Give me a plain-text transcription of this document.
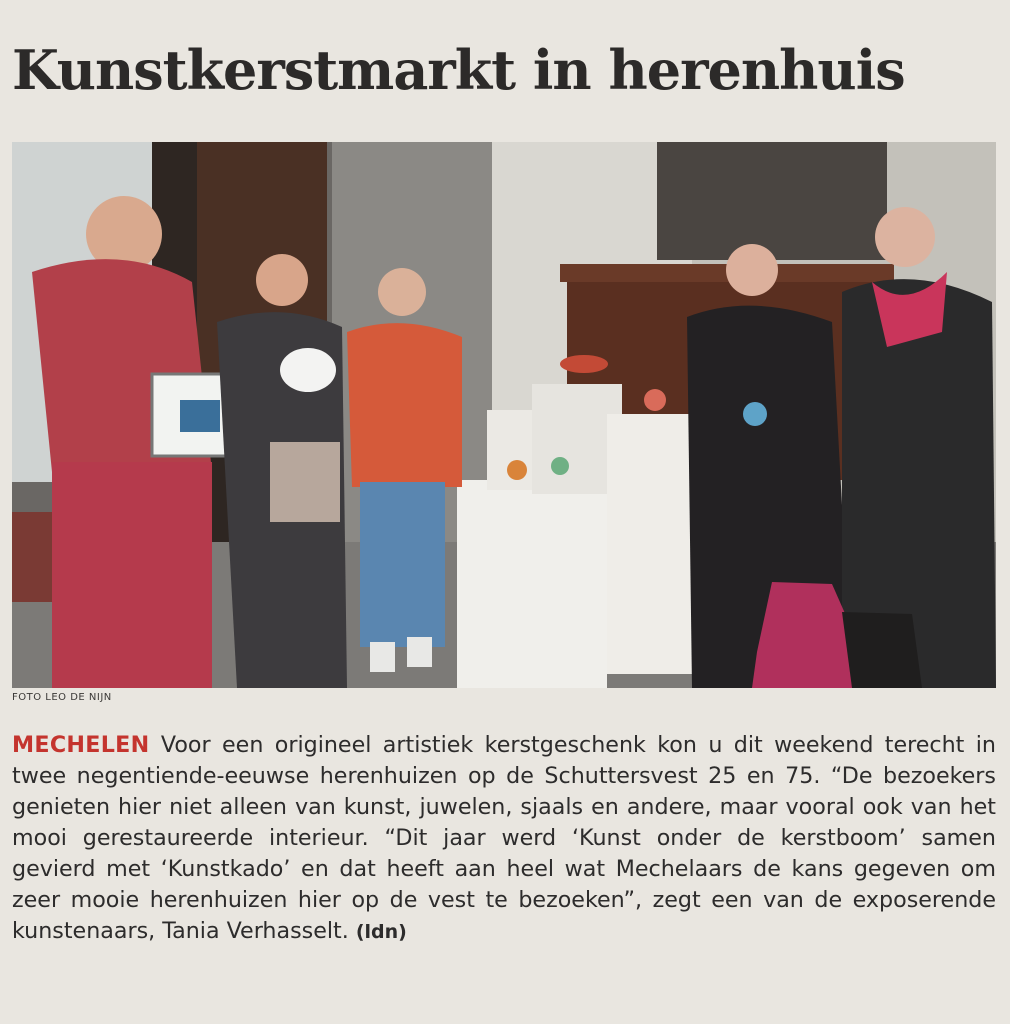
Kunstkerstmarkt in herenhuis
FOTO LEO DE NIJN

MECHELEN Voor een origineel artistiek kerstgeschenk kon u dit weekend terecht in twee negentiende-eeuwse herenhuizen op de Schuttersvest 25 en 75. “De bezoekers genieten hier niet alleen van kunst, juwelen, sjaals en andere, maar vooral ook van het mooi gerestaureerde interieur. “Dit jaar werd ‘Kunst onder de kerstboom’ samen gevierd met ‘Kunstkado’ en dat heeft aan heel wat Mechelaars de kans gegeven om zeer mooie herenhuizen hier op de vest te bezoeken”, zegt een van de exposerende kunstenaars, Tania Verhasselt. (ldn)
